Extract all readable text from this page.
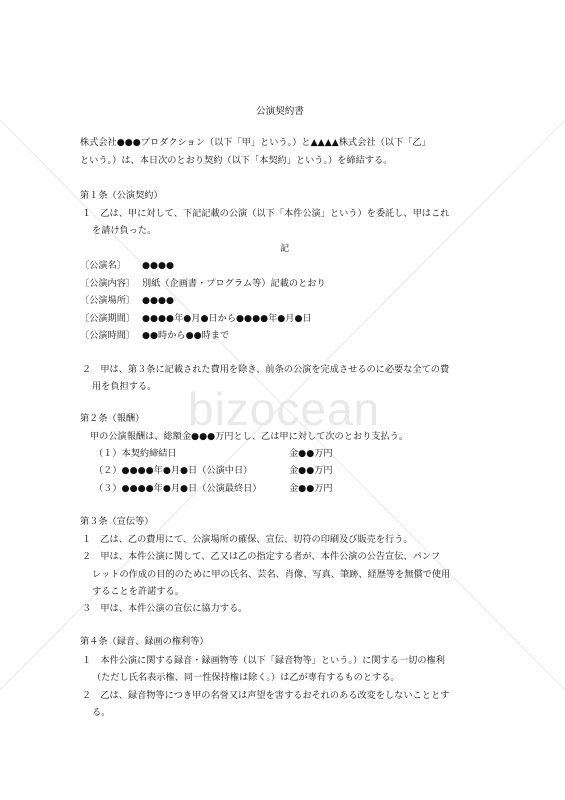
bizocean
公演契約書
株式会社●●●プロダクション（以下「甲」という。）と▲▲▲▲株式会社（以下「乙」
という。）は、本日次のとおり契約（以下「本契約」という。）を締結する。
第１条（公演契約）
１　乙は、甲に対して、下記記載の公演（以下「本件公演」という）を委託し、甲はこれ
を請け負った。
記
〔公演名〕 ●●●●
〔公演内容〕 別紙（企画書・プログラム等）記載のとおり
〔公演場所〕 ●●●●
〔公演期間〕 ●●●●年●月●日から●●●●年●月●日
〔公演時間〕 ●●時から●●時まで
２　甲は、第３条に記載された費用を除き、前条の公演を完成させるのに必要な全ての費
用を負担する。
第２条（報酬）
甲の公演報酬は、総額金●●●万円とし、乙は甲に対して次のとおり支払う。
（１）本契約締結日	金●●万円
（２）●●●●年●月●日（公演中日）	金●●万円
（３）●●●●年●月●日（公演最終日）	金●●万円
第３条（宣伝等）
１　乙は、乙の費用にて、公演場所の確保、宣伝、切符の印刷及び販売を行う。
２　甲は、本件公演に関して、乙又は乙の指定する者が、本件公演の公告宣伝、パンフ
レットの作成の目的のために甲の氏名、芸名、肖像、写真、筆跡、経歴等を無償で使用
することを許諾する。
３　甲は、本件公演の宣伝に協力する。
第４条（録音、録画の権利等）
１　本件公演に関する録音・録画物等（以下「録音物等」という。）に関する一切の権利
（ただし氏名表示権、同一性保持権は除く。）は乙が専有するものとする。
２　乙は、録音物等につき甲の名誉又は声望を害するおそれのある改変をしないこととす
る。
